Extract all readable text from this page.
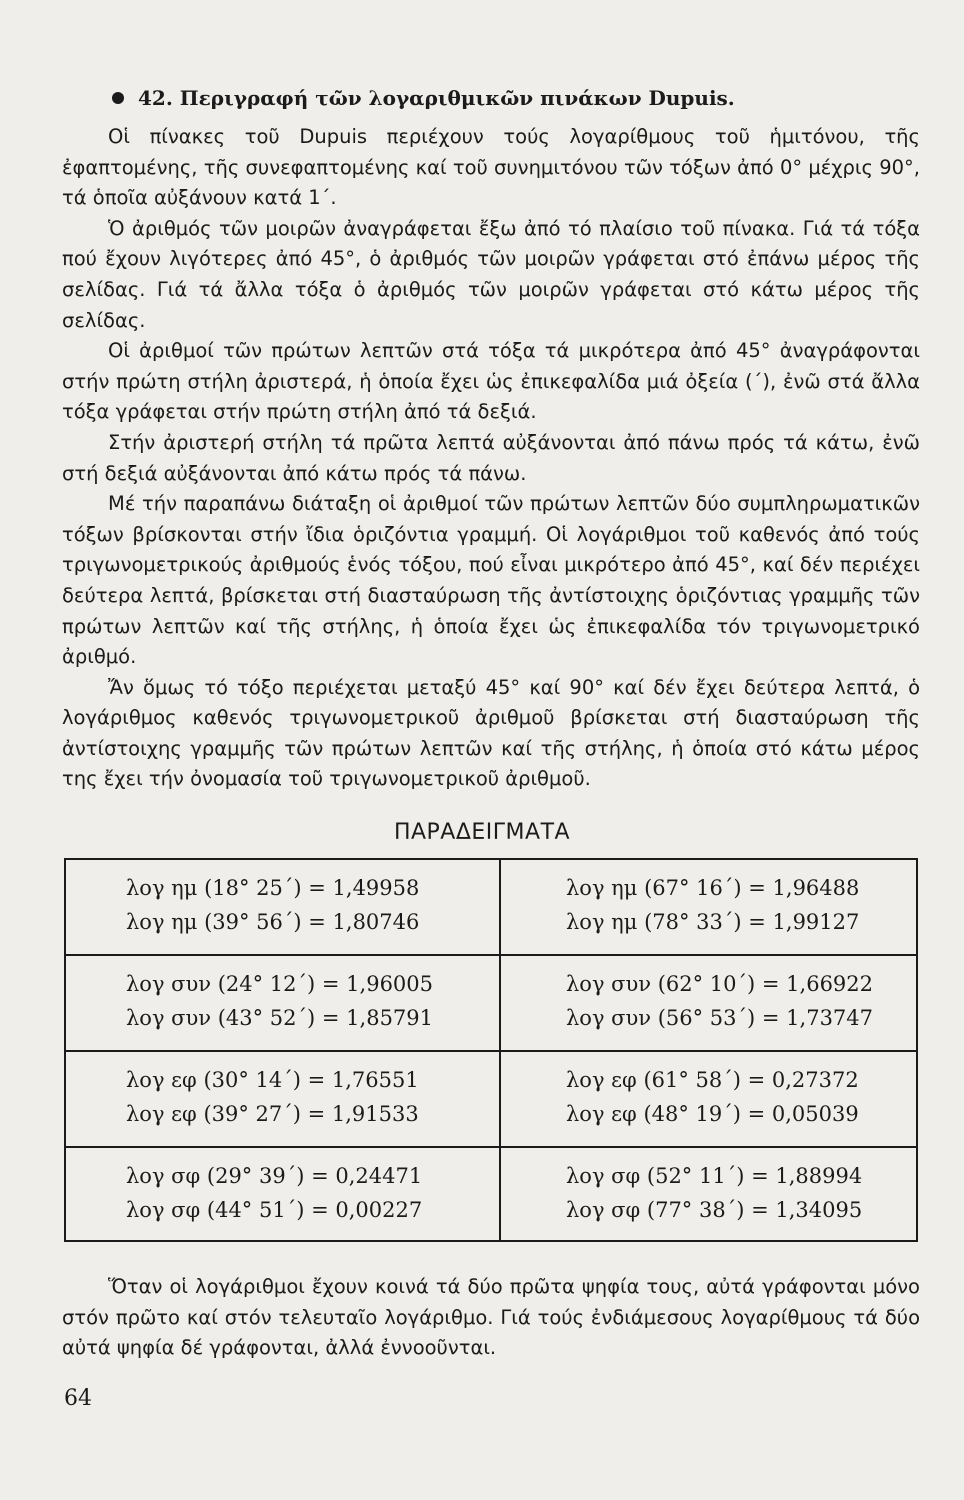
42. Περιγραφή τῶν λογαριθμικῶν πινάκων Dupuis.

Οἱ πίνακες τοῦ Dupuis περιέχουν τούς λογαρίθμους τοῦ ἡμιτόνου, τῆς ἐφαπτομένης, τῆς συνεφαπτομένης καί τοῦ συνημιτόνου τῶν τόξων ἀπό 0° μέχρις 90°, τά ὁποῖα αὐξάνουν κατά 1΄.

Ὁ ἀριθμός τῶν μοιρῶν ἀναγράφεται ἔξω ἀπό τό πλαίσιο τοῦ πίνακα. Γιά τά τόξα πού ἔχουν λιγότερες ἀπό 45°, ὁ ἀριθμός τῶν μοιρῶν γράφεται στό ἐπάνω μέρος τῆς σελίδας. Γιά τά ἄλλα τόξα ὁ ἀριθμός τῶν μοιρῶν γράφεται στό κάτω μέρος τῆς σελίδας.

Οἱ ἀριθμοί τῶν πρώτων λεπτῶν στά τόξα τά μικρότερα ἀπό 45° ἀναγράφονται στήν πρώτη στήλη ἀριστερά, ἡ ὁποία ἔχει ὡς ἐπικεφαλίδα μιά ὀξεία (΄), ἐνῶ στά ἄλλα τόξα γράφεται στήν πρώτη στήλη ἀπό τά δεξιά.

Στήν ἀριστερή στήλη τά πρῶτα λεπτά αὐξάνονται ἀπό πάνω πρός τά κάτω, ἐνῶ στή δεξιά αὐξάνονται ἀπό κάτω πρός τά πάνω.

Μέ τήν παραπάνω διάταξη οἱ ἀριθμοί τῶν πρώτων λεπτῶν δύο συμπληρωματικῶν τόξων βρίσκονται στήν ἴδια ὁριζόντια γραμμή. Οἱ λογάριθμοι τοῦ καθενός ἀπό τούς τριγωνομετρικούς ἀριθμούς ἑνός τόξου, πού εἶναι μικρότερο ἀπό 45°, καί δέν περιέχει δεύτερα λεπτά, βρίσκεται στή διασταύρωση τῆς ἀντίστοιχης ὁριζόντιας γραμμῆς τῶν πρώτων λεπτῶν καί τῆς στήλης, ἡ ὁποία ἔχει ὡς ἐπικεφαλίδα τόν τριγωνομετρικό ἀριθμό.

Ἄν ὅμως τό τόξο περιέχεται μεταξύ 45° καί 90° καί δέν ἔχει δεύτερα λεπτά, ὁ λογάριθμος καθενός τριγωνομετρικοῦ ἀριθμοῦ βρίσκεται στή διασταύρωση τῆς ἀντίστοιχης γραμμῆς τῶν πρώτων λεπτῶν καί τῆς στήλης, ἡ ὁποία στό κάτω μέρος της ἔχει τήν ὀνομασία τοῦ τριγωνομετρικοῦ ἀριθμοῦ.

ΠΑΡΑΔΕΙΓΜΑΤΑ
λογ ημ (18° 25΄) = 1,49958
λογ ημ (39° 56΄) = 1,80746
λογ ημ (67° 16΄) = 1,96488
λογ ημ (78° 33΄) = 1,99127
λογ συν (24° 12΄) = 1,96005
λογ συν (43° 52΄) = 1,85791
λογ συν (62° 10΄) = 1,66922
λογ συν (56° 53΄) = 1,73747
λογ εφ (30° 14΄) = 1,76551
λογ εφ (39° 27΄) = 1,91533
λογ εφ (61° 58΄) = 0,27372
λογ εφ (48° 19΄) = 0,05039
λογ σφ (29° 39΄) = 0,24471
λογ σφ (44° 51΄) = 0,00227
λογ σφ (52° 11΄) = 1,88994
λογ σφ (77° 38΄) = 1,34095

Ὅταν οἱ λογάριθμοι ἔχουν κοινά τά δύο πρῶτα ψηφία τους, αὐτά γράφονται μόνο στόν πρῶτο καί στόν τελευταῖο λογάριθμο. Γιά τούς ἐνδιάμεσους λογαρίθμους τά δύο αὐτά ψηφία δέ γράφονται, ἀλλά ἐννοοῦνται.

64
